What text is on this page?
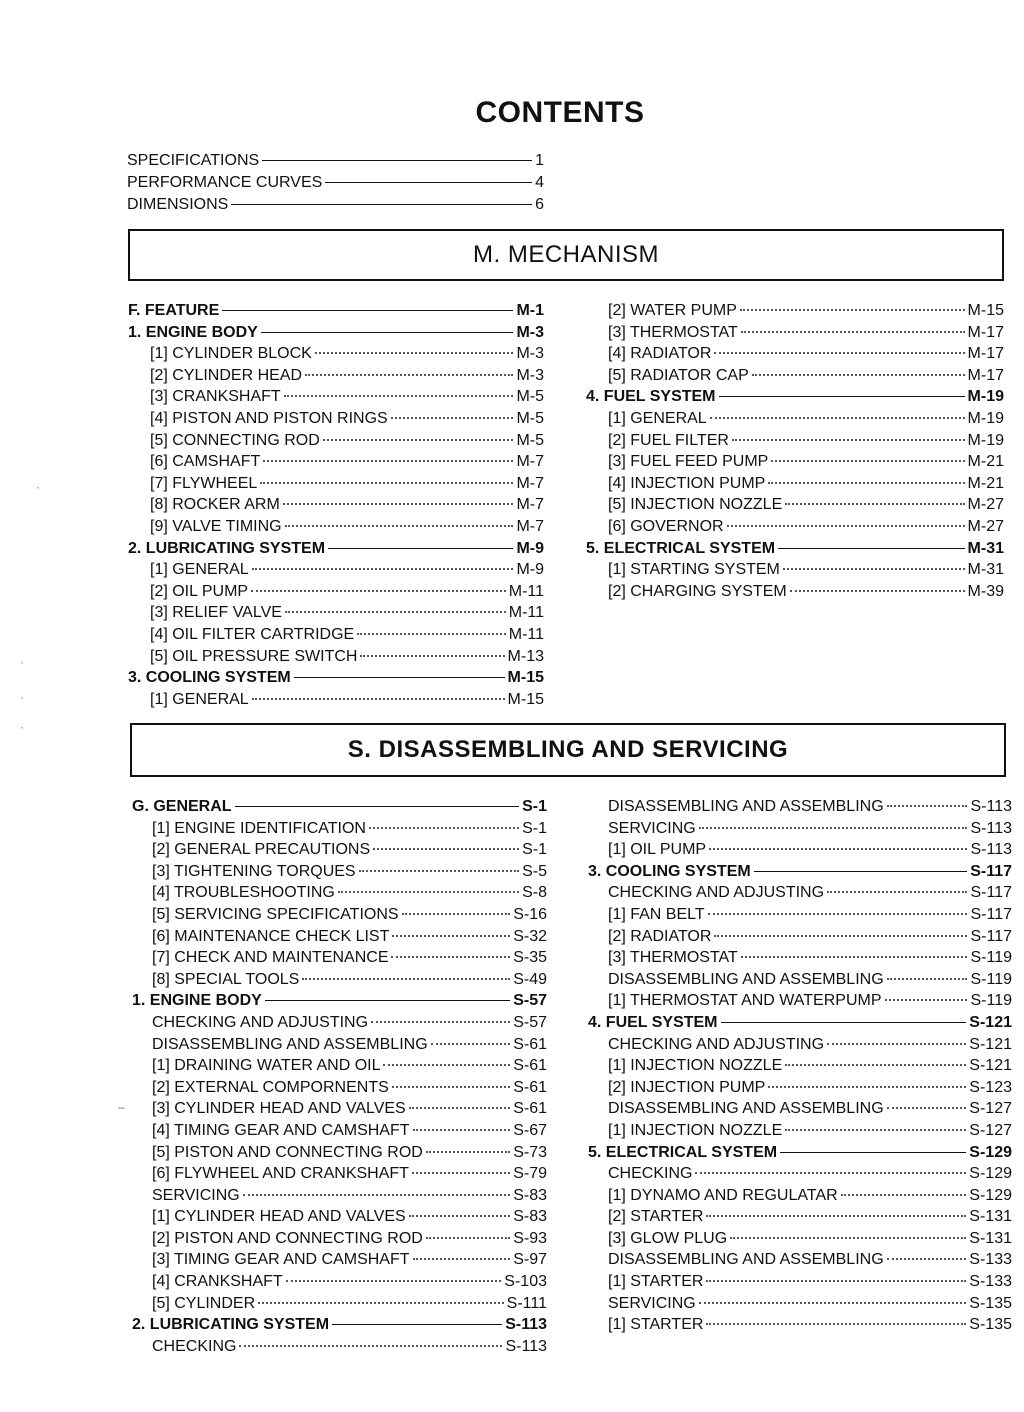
CONTENTS
SPECIFICATIONS	1
PERFORMANCE CURVES	4
DIMENSIONS	6
M. MECHANISM
F. FEATURE	M-1
1. ENGINE BODY	M-3
[1] CYLINDER BLOCK	M-3
[2] CYLINDER HEAD	M-3
[3] CRANKSHAFT	M-5
[4] PISTON AND PISTON RINGS	M-5
[5] CONNECTING ROD	M-5
[6] CAMSHAFT	M-7
[7] FLYWHEEL	M-7
[8] ROCKER ARM	M-7
[9] VALVE TIMING	M-7
2. LUBRICATING SYSTEM	M-9
[1] GENERAL	M-9
[2] OIL PUMP	M-11
[3] RELIEF VALVE	M-11
[4] OIL FILTER CARTRIDGE	M-11
[5] OIL PRESSURE SWITCH	M-13
3. COOLING SYSTEM	M-15
[1] GENERAL	M-15
[2] WATER PUMP	M-15
[3] THERMOSTAT	M-17
[4] RADIATOR	M-17
[5] RADIATOR CAP	M-17
4. FUEL SYSTEM	M-19
[1] GENERAL	M-19
[2] FUEL FILTER	M-19
[3] FUEL FEED PUMP	M-21
[4] INJECTION PUMP	M-21
[5] INJECTION NOZZLE	M-27
[6] GOVERNOR	M-27
5. ELECTRICAL SYSTEM	M-31
[1] STARTING SYSTEM	M-31
[2] CHARGING SYSTEM	M-39
S. DISASSEMBLING AND SERVICING
G. GENERAL	S-1
[1] ENGINE IDENTIFICATION	S-1
[2] GENERAL PRECAUTIONS	S-1
[3] TIGHTENING TORQUES	S-5
[4] TROUBLESHOOTING	S-8
[5] SERVICING SPECIFICATIONS	S-16
[6] MAINTENANCE CHECK LIST	S-32
[7] CHECK AND MAINTENANCE	S-35
[8] SPECIAL TOOLS	S-49
1. ENGINE BODY	S-57
CHECKING AND ADJUSTING	S-57
DISASSEMBLING AND ASSEMBLING	S-61
[1] DRAINING WATER AND OIL	S-61
[2] EXTERNAL COMPORNENTS	S-61
[3] CYLINDER HEAD AND VALVES	S-61
[4] TIMING GEAR AND CAMSHAFT	S-67
[5] PISTON AND CONNECTING ROD	S-73
[6] FLYWHEEL AND CRANKSHAFT	S-79
SERVICING	S-83
[1] CYLINDER HEAD AND VALVES	S-83
[2] PISTON AND CONNECTING ROD	S-93
[3] TIMING GEAR AND CAMSHAFT	S-97
[4] CRANKSHAFT	S-103
[5] CYLINDER	S-111
2. LUBRICATING SYSTEM	S-113
CHECKING	S-113
DISASSEMBLING AND ASSEMBLING	S-113
SERVICING	S-113
[1] OIL PUMP	S-113
3. COOLING SYSTEM	S-117
CHECKING AND ADJUSTING	S-117
[1] FAN BELT	S-117
[2] RADIATOR	S-117
[3] THERMOSTAT	S-119
DISASSEMBLING AND ASSEMBLING	S-119
[1] THERMOSTAT AND WATERPUMP	S-119
4. FUEL SYSTEM	S-121
CHECKING AND ADJUSTING	S-121
[1] INJECTION NOZZLE	S-121
[2] INJECTION PUMP	S-123
DISASSEMBLING AND ASSEMBLING	S-127
[1] INJECTION NOZZLE	S-127
5. ELECTRICAL SYSTEM	S-129
CHECKING	S-129
[1] DYNAMO AND REGULATAR	S-129
[2] STARTER	S-131
[3] GLOW PLUG	S-131
DISASSEMBLING AND ASSEMBLING	S-133
[1] STARTER	S-133
SERVICING	S-135
[1] STARTER	S-135
·
·
·
·
–
